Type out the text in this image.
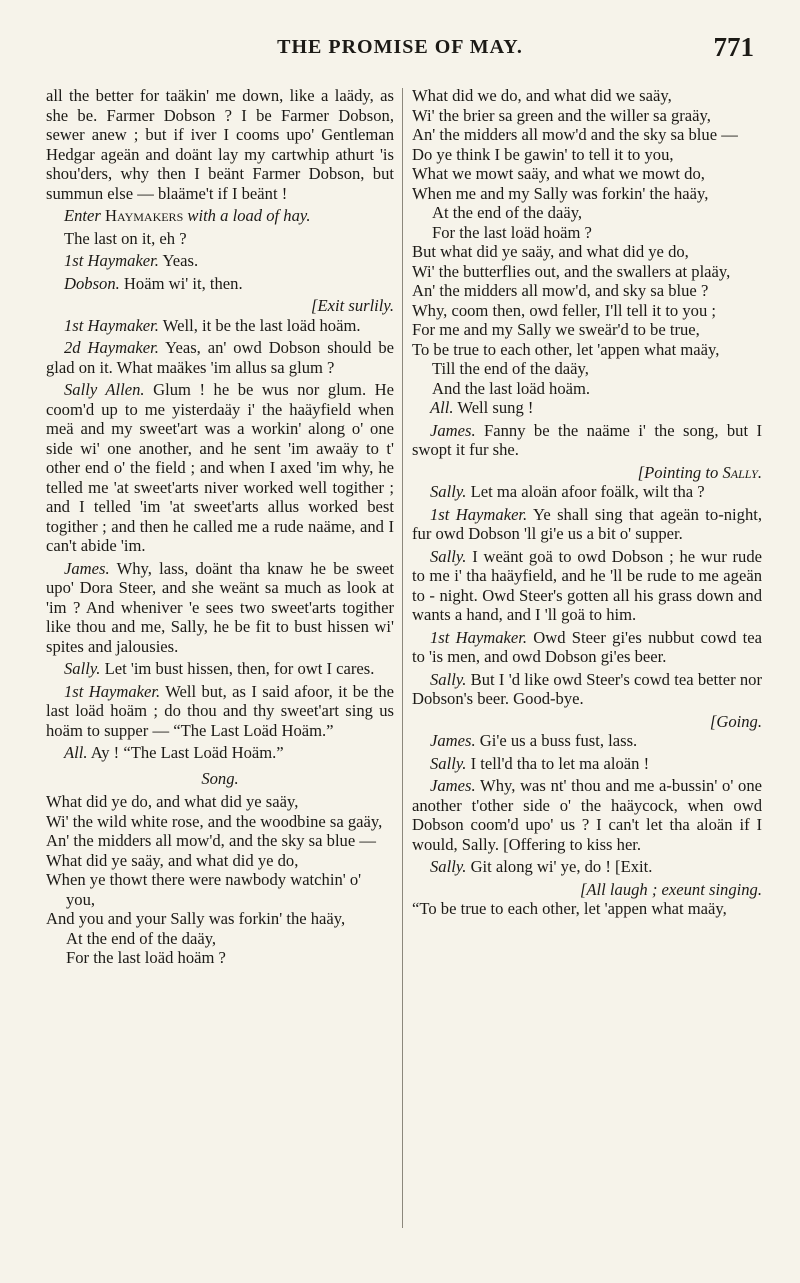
THE PROMISE OF MAY.	771
all the better for taäkin' me down, like a laädy, as she be. Farmer Dobson ? I be Farmer Dobson, sewer anew ; but if iver I cooms upo' Gentleman Hedgar ageän and doänt lay my cartwhip athurt 'is shou'ders, why then I beänt Farmer Dobson, but summun else — blaäme't if I beänt !
Enter Haymakers with a load of hay.
The last on it, eh ?
1st Haymaker. Yeas.
Dobson. Hoäm wi' it, then.
[Exit surlily.
1st Haymaker. Well, it be the last loäd hoäm.
2d Haymaker. Yeas, an' owd Dobson should be glad on it. What maäkes 'im allus sa glum ?
Sally Allen. Glum ! he be wus nor glum. He coom'd up to me yisterdaäy i' the haäyfield when meä and my sweet'art was a workin' along o' one side wi' one another, and he sent 'im awaäy to t' other end o' the field ; and when I axed 'im why, he telled me 'at sweet'arts niver worked well togither ; and I telled 'im 'at sweet'arts allus worked best togither ; and then he called me a rude naäme, and I can't abide 'im.
James. Why, lass, doänt tha knaw he be sweet upo' Dora Steer, and she weänt sa much as look at 'im ? And wheniver 'e sees two sweet'arts togither like thou and me, Sally, he be fit to bust hissen wi' spites and jalousies.
Sally. Let 'im bust hissen, then, for owt I cares.
1st Haymaker. Well but, as I said afoor, it be the last loäd hoäm ; do thou and thy sweet'art sing us hoäm to supper — “The Last Loäd Hoäm.”
All. Ay ! “The Last Loäd Hoäm.”
Song.
What did ye do, and what did ye saäy,
Wi' the wild white rose, and the woodbine sa gaäy,
An' the midders all mow'd, and the sky sa blue —
What did ye saäy, and what did ye do,
When ye thowt there were nawbody watchin' o' you,
And you and your Sally was forkin' the haäy,
At the end of the daäy,
For the last loäd hoäm ?
What did we do, and what did we saäy,
Wi' the brier sa green and the willer sa graäy,
An' the midders all mow'd and the sky sa blue —
Do ye think I be gawin' to tell it to you,
What we mowt saäy, and what we mowt do,
When me and my Sally was forkin' the haäy,
At the end of the daäy,
For the last loäd hoäm ?
But what did ye saäy, and what did ye do,
Wi' the butterflies out, and the swallers at plaäy,
An' the midders all mow'd, and sky sa blue ?
Why, coom then, owd feller, I'll tell it to you ;
For me and my Sally we sweär'd to be true,
To be true to each other, let 'appen what maäy,
Till the end of the daäy,
And the last loäd hoäm.
All. Well sung !
James. Fanny be the naäme i' the song, but I swopt it fur she.
[Pointing to Sally.
Sally. Let ma aloän afoor foälk, wilt tha ?
1st Haymaker. Ye shall sing that ageän to-night, fur owd Dobson 'll gi'e us a bit o' supper.
Sally. I weänt goä to owd Dobson ; he wur rude to me i' tha haäyfield, and he 'll be rude to me ageän to - night. Owd Steer's gotten all his grass down and wants a hand, and I 'll goä to him.
1st Haymaker. Owd Steer gi'es nubbut cowd tea to 'is men, and owd Dobson gi'es beer.
Sally. But I 'd like owd Steer's cowd tea better nor Dobson's beer. Good-bye.
[Going.
James. Gi'e us a buss fust, lass.
Sally. I tell'd tha to let ma aloän !
James. Why, was nt' thou and me a-bussin' o' one another t'other side o' the haäycock, when owd Dobson coom'd upo' us ? I can't let tha aloän if I would, Sally. [Offering to kiss her.
Sally. Git along wi' ye, do ! [Exit.
[All laugh ; exeunt singing.
“To be true to each other, let 'appen what maäy,
